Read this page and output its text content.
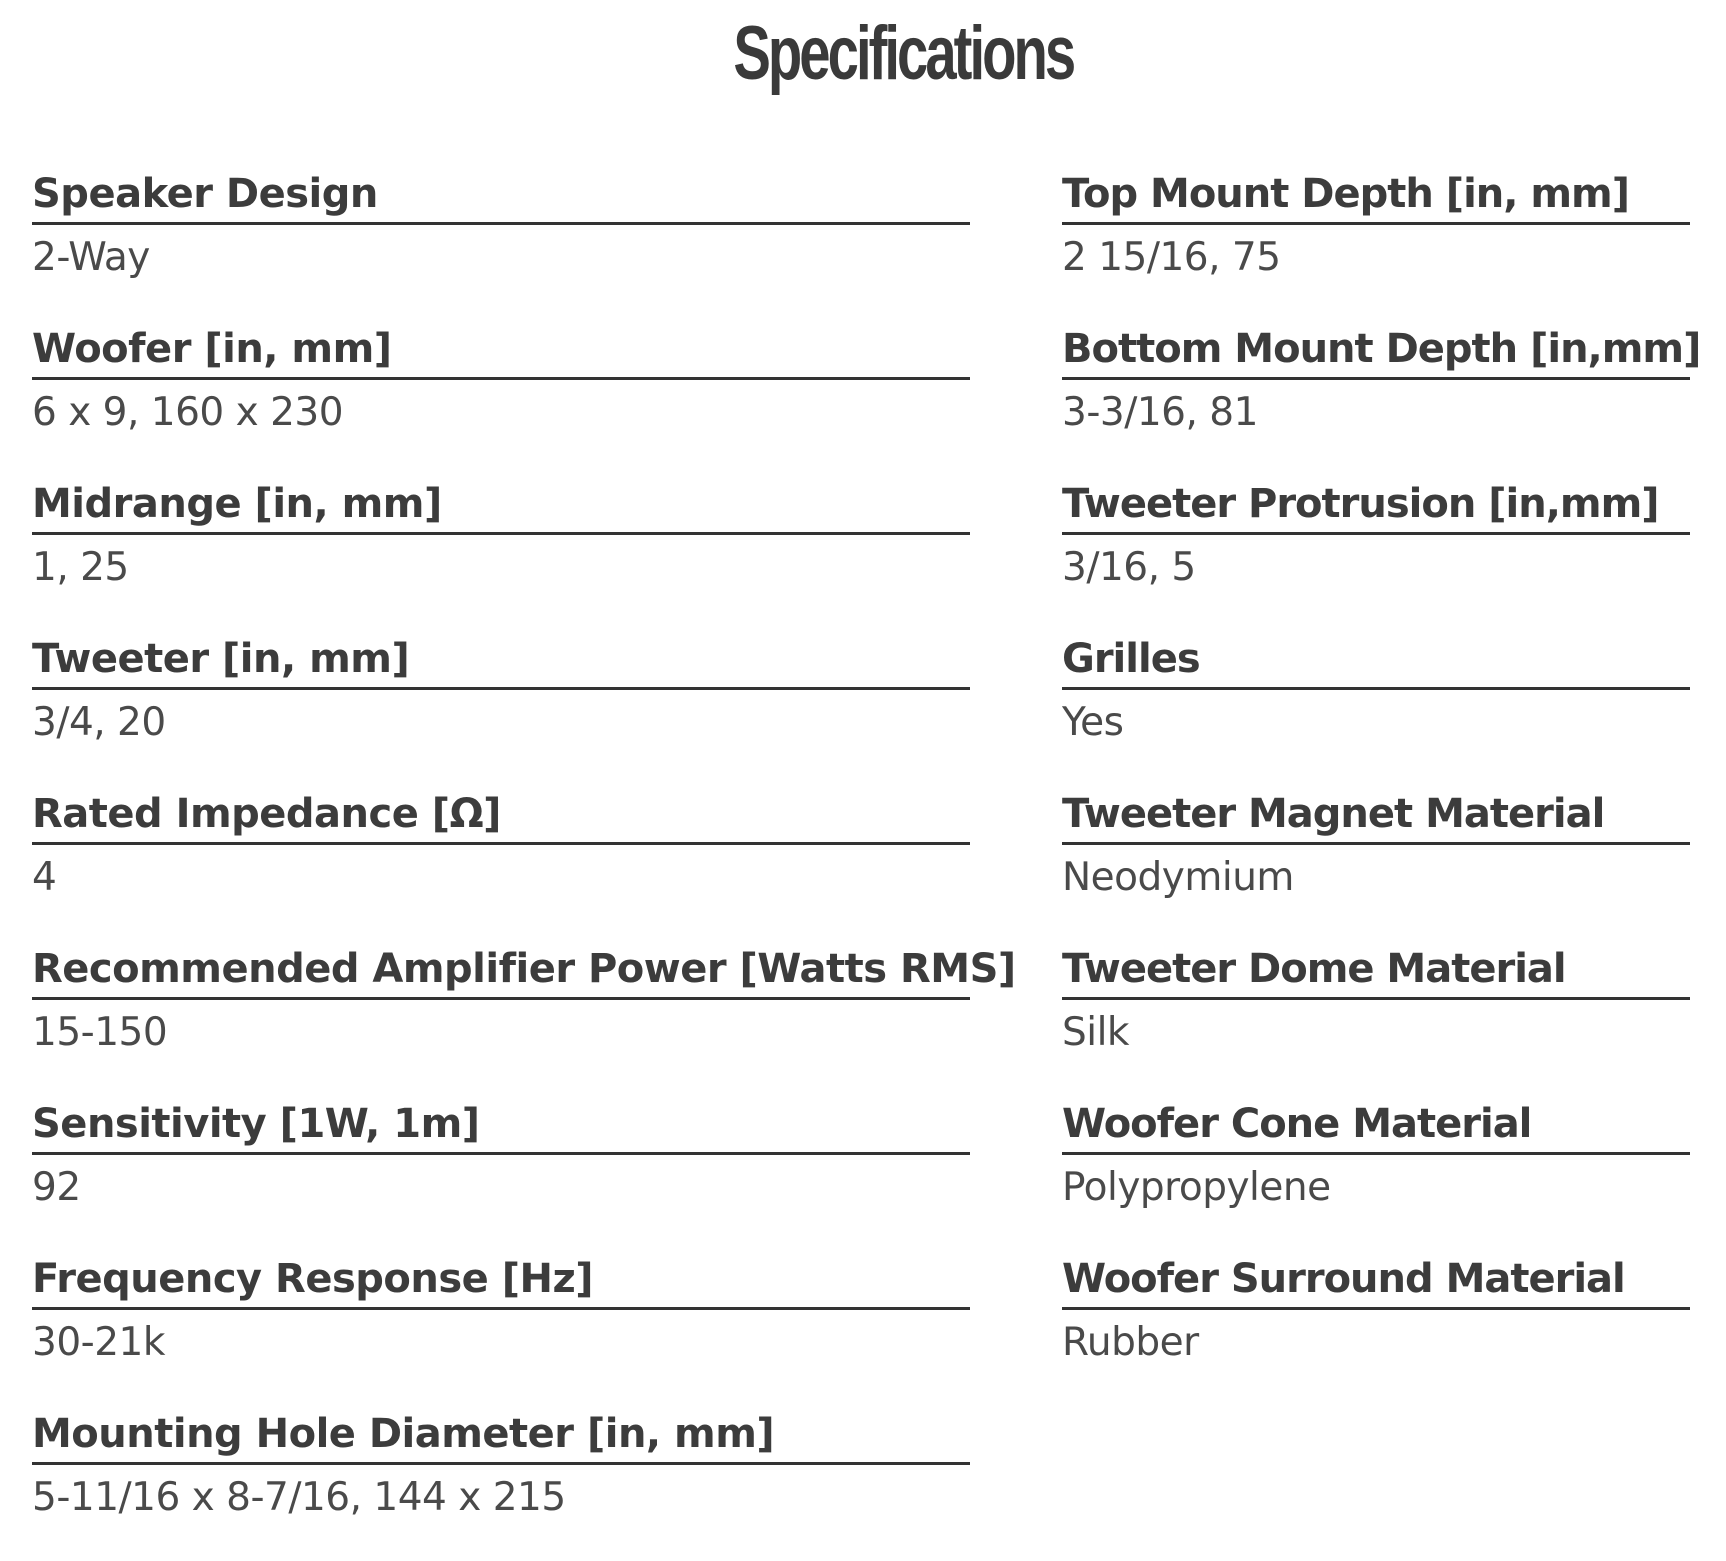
Specifications
Speaker Design
2-Way
Woofer [in, mm]
6 x 9, 160 x 230
Midrange [in, mm]
1, 25
Tweeter [in, mm]
3/4, 20
Rated Impedance [Ω]
4
Recommended Amplifier Power [Watts RMS]
15-150
Sensitivity [1W, 1m]
92
Frequency Response [Hz]
30-21k
Mounting Hole Diameter [in, mm]
5-11/16 x 8-7/16, 144 x 215
Top Mount Depth [in, mm]
2 15/16, 75
Bottom Mount Depth [in,mm]
3-3/16, 81
Tweeter Protrusion [in,mm]
3/16, 5
Grilles
Yes
Tweeter Magnet Material
Neodymium
Tweeter Dome Material
Silk
Woofer Cone Material
Polypropylene
Woofer Surround Material
Rubber
